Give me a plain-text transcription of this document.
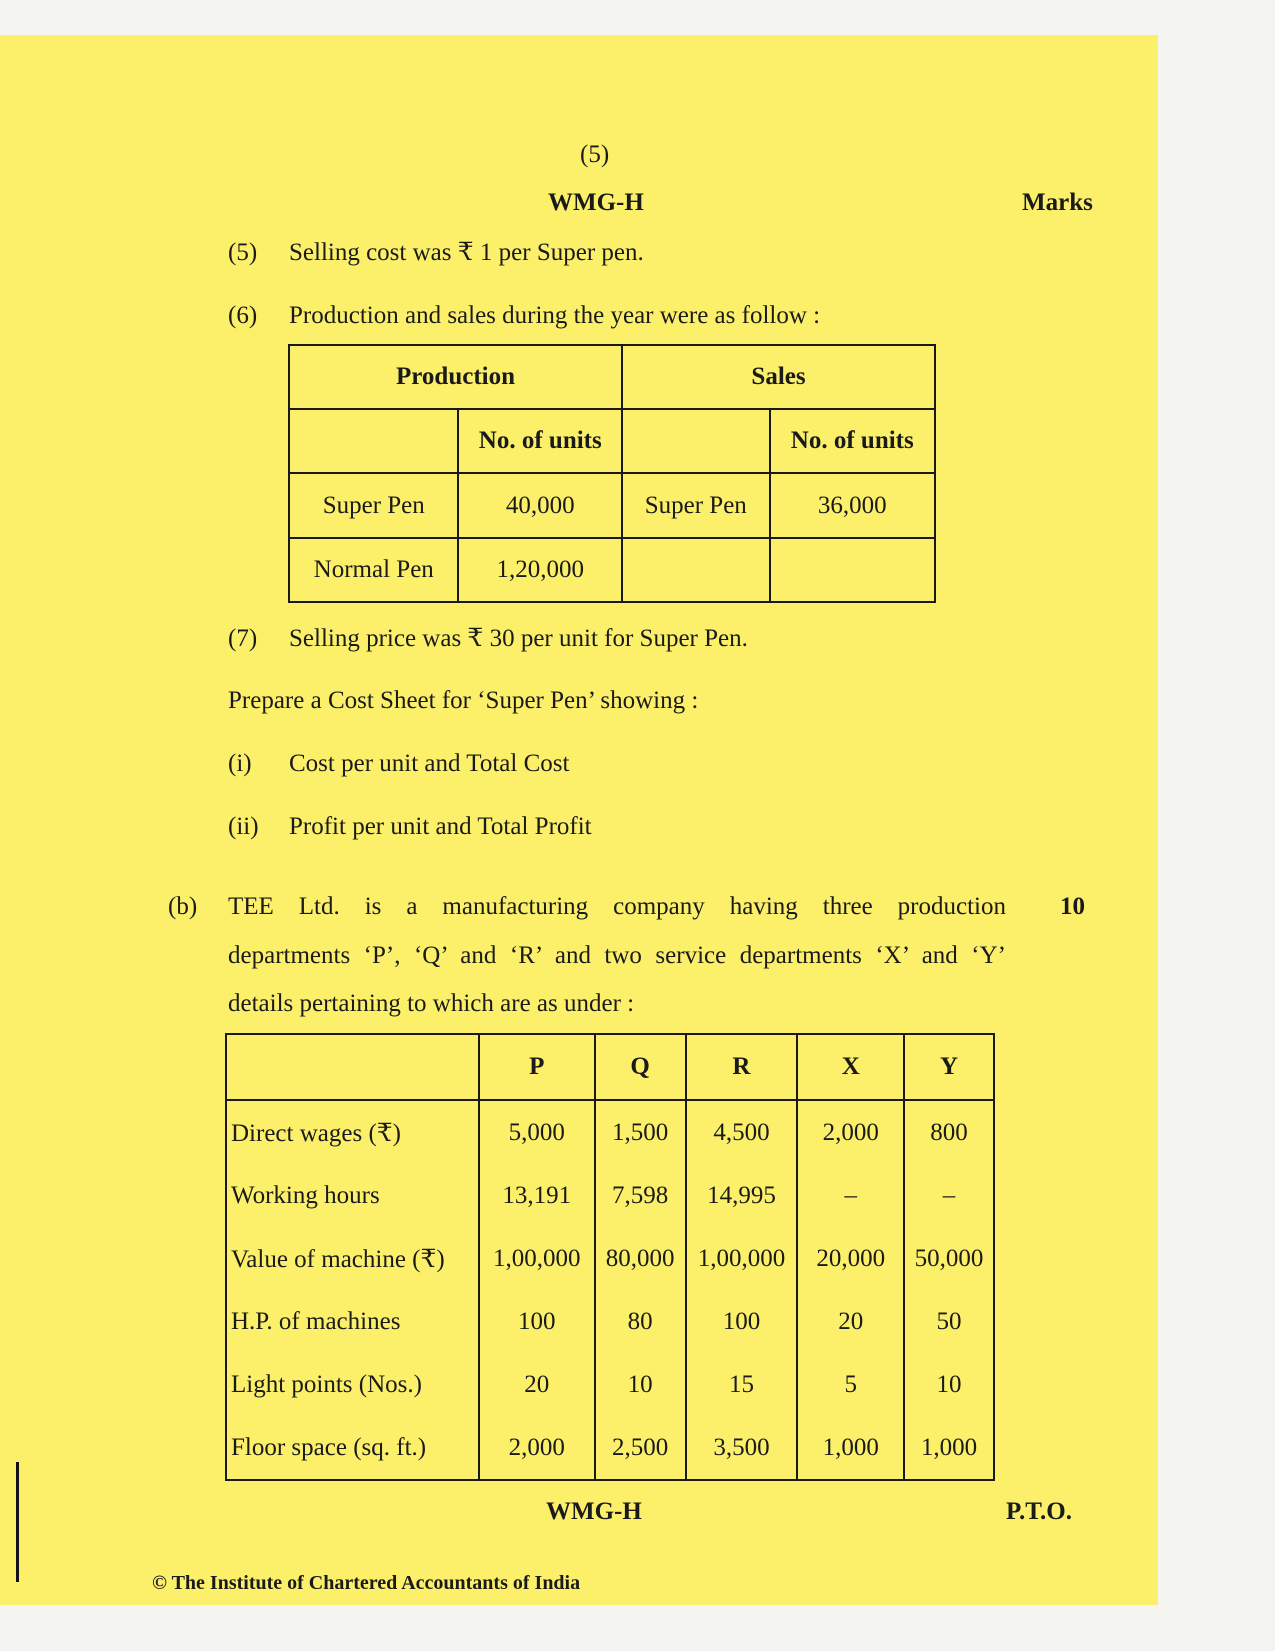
(5)
WMG-H	Marks
(5) Selling cost was ₹ 1 per Super pen.
(6) Production and sales during the year were as follow :
Production		Sales	
	No. of units		No. of units
Super Pen	40,000	Super Pen	36,000
Normal Pen	1,20,000		
(7) Selling price was ₹ 30 per unit for Super Pen.
Prepare a Cost Sheet for ‘Super Pen’ showing :
(i) Cost per unit and Total Cost
(ii) Profit per unit and Total Profit
(b) TEE Ltd. is a manufacturing company having three production 10
departments ‘P’, ‘Q’ and ‘R’ and two service departments ‘X’ and ‘Y’
details pertaining to which are as under :
	P	Q	R	X	Y
Direct wages (₹)	5,000	1,500	4,500	2,000	800
Working hours	13,191	7,598	14,995	–	–
Value of machine (₹)	1,00,000	80,000	1,00,000	20,000	50,000
H.P. of machines	100	80	100	20	50
Light points (Nos.)	20	10	15	5	10
Floor space (sq. ft.)	2,000	2,500	3,500	1,000	1,000
WMG-H	P.T.O.
© The Institute of Chartered Accountants of India
